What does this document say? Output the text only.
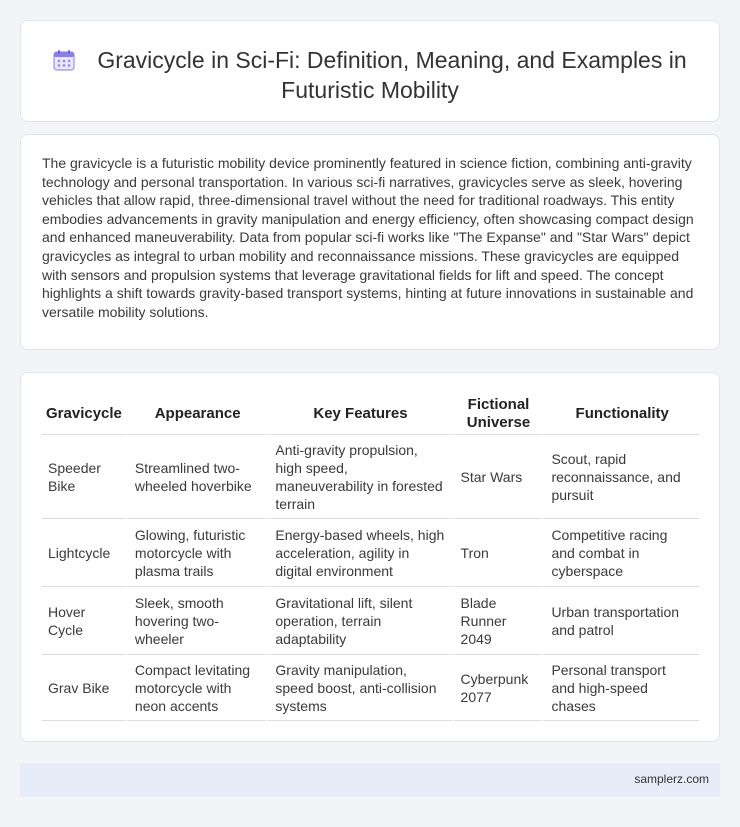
Gravicycle in Sci-Fi: Definition, Meaning, and Examples in Futuristic Mobility

The gravicycle is a futuristic mobility device prominently featured in science fiction, combining anti-gravity technology and personal transportation. In various sci-fi narratives, gravicycles serve as sleek, hovering vehicles that allow rapid, three-dimensional travel without the need for traditional roadways. This entity embodies advancements in gravity manipulation and energy efficiency, often showcasing compact design and enhanced maneuverability. Data from popular sci-fi works like "The Expanse" and "Star Wars" depict gravicycles as integral to urban mobility and reconnaissance missions. These gravicycles are equipped with sensors and propulsion systems that leverage gravitational fields for lift and speed. The concept highlights a shift towards gravity-based transport systems, hinting at future innovations in sustainable and versatile mobility solutions.

Gravicycle	Appearance	Key Features	Fictional Universe	Functionality
Speeder Bike	Streamlined two-wheeled hoverbike	Anti-gravity propulsion, high speed, maneuverability in forested terrain	Star Wars	Scout, rapid reconnaissance, and pursuit
Lightcycle	Glowing, futuristic motorcycle with plasma trails	Energy-based wheels, high acceleration, agility in digital environment	Tron	Competitive racing and combat in cyberspace
Hover Cycle	Sleek, smooth hovering two-wheeler	Gravitational lift, silent operation, terrain adaptability	Blade Runner 2049	Urban transportation and patrol
Grav Bike	Compact levitating motorcycle with neon accents	Gravity manipulation, speed boost, anti-collision systems	Cyberpunk 2077	Personal transport and high-speed chases
samplerz.com
